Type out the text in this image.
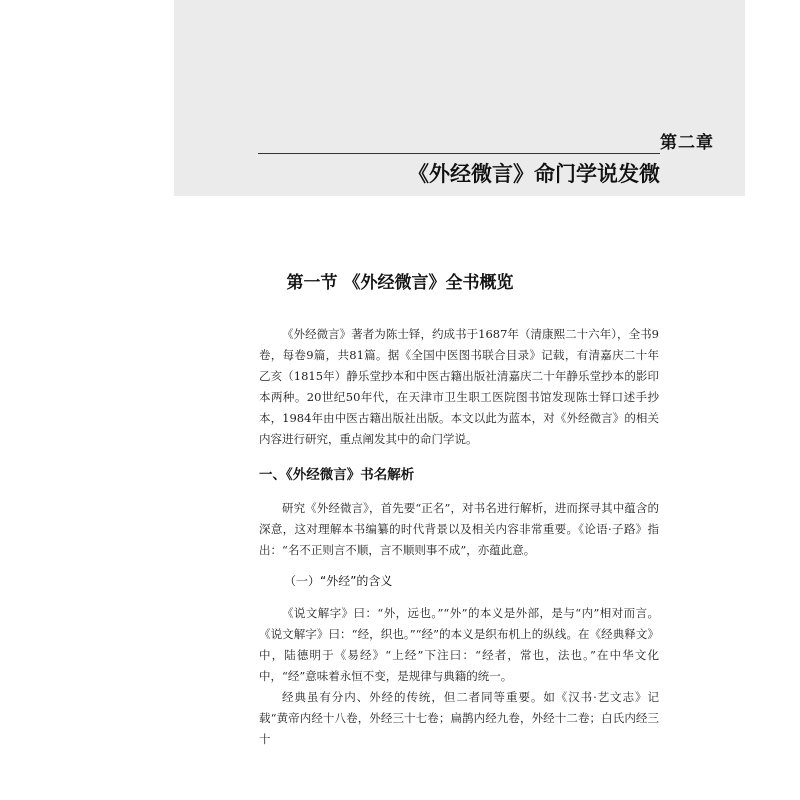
第二章
《外经微言》命门学说发微
第一节 《外经微言》全书概览

《外经微言》著者为陈士铎，约成书于1687年（清康熙二十六年），全书9卷，每卷9篇，共81篇。据《全国中医图书联合目录》记载，有清嘉庆二十年乙亥（1815年）静乐堂抄本和中医古籍出版社清嘉庆二十年静乐堂抄本的影印本两种。20世纪50年代，在天津市卫生职工医院图书馆发现陈士铎口述手抄本，1984年由中医古籍出版社出版。本文以此为蓝本，对《外经微言》的相关内容进行研究，重点阐发其中的命门学说。

一、《外经微言》书名解析

研究《外经微言》，首先要“正名”，对书名进行解析，进而探寻其中蕴含的深意，这对理解本书编纂的时代背景以及相关内容非常重要。《论语·子路》指出：“名不正则言不顺，言不顺则事不成”，亦蕴此意。

（一）“外经”的含义

《说文解字》曰：“外，远也。”“外”的本义是外部，是与“内”相对而言。《说文解字》曰：“经，织也。”“经”的本义是织布机上的纵线。在《经典释文》中，陆德明于《易经》“上经”下注曰：“经者，常也，法也。”在中华文化中，“经”意味着永恒不变，是规律与典籍的统一。

经典虽有分内、外经的传统，但二者同等重要。如《汉书·艺文志》记载“黄帝内经十八卷，外经三十七卷；扁鹊内经九卷，外经十二卷；白氏内经三十
